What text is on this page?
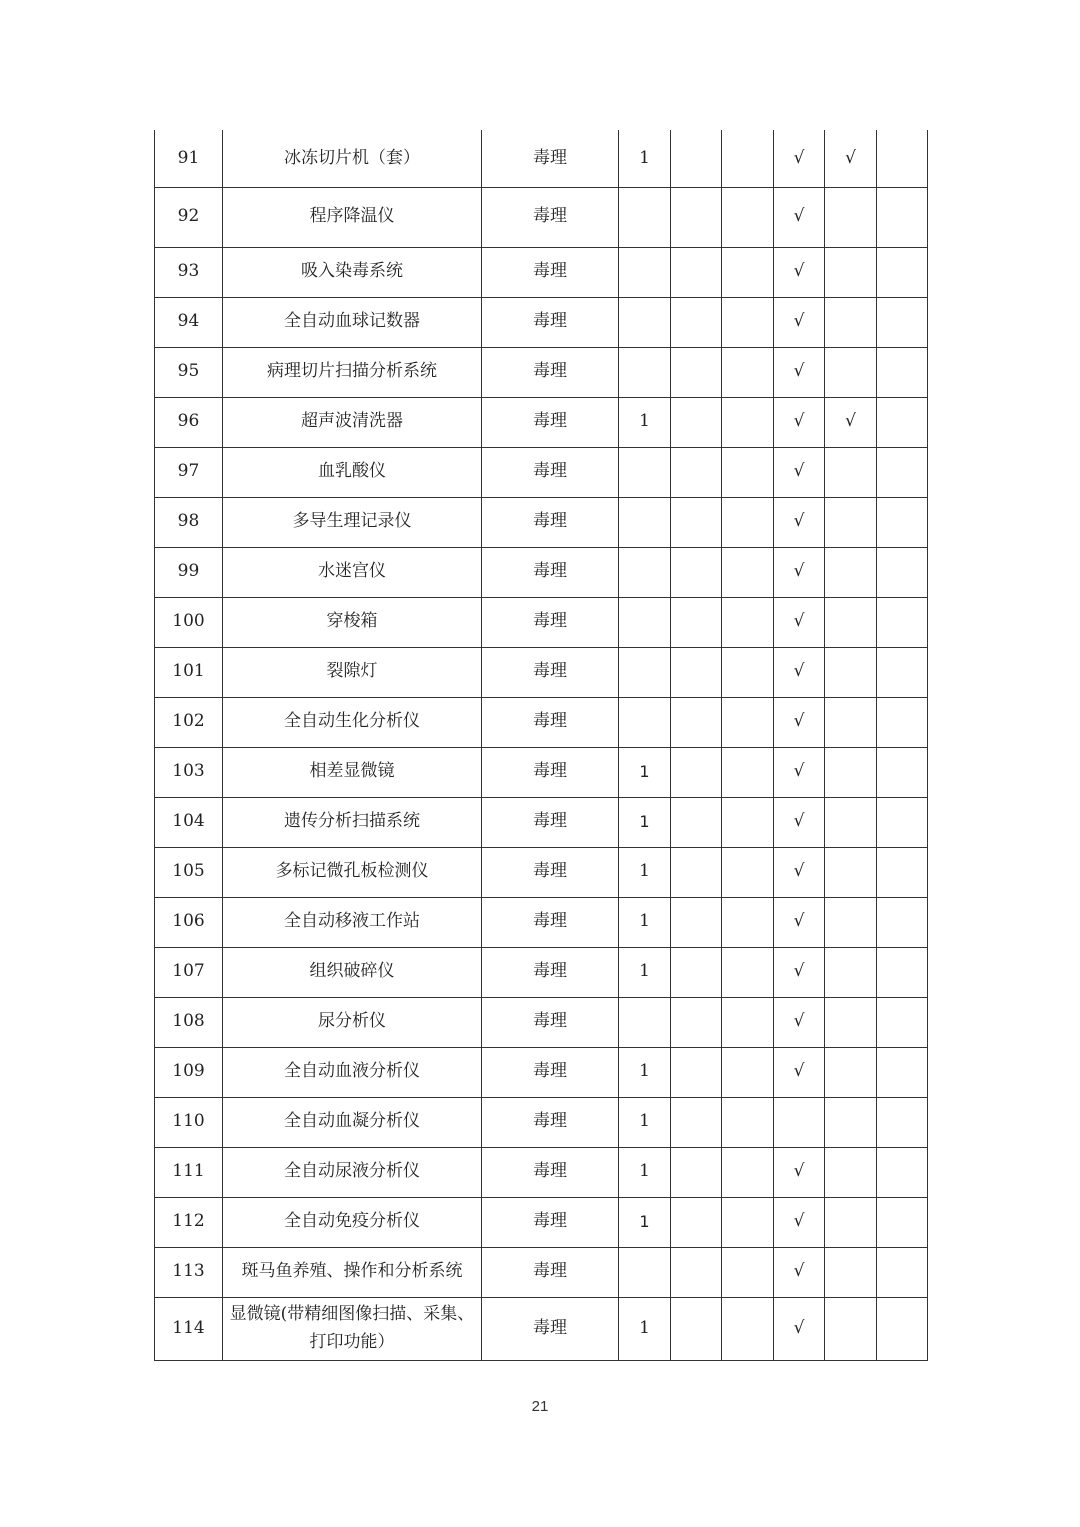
91	冰冻切片机（套）	毒理	1			√	√	
92	程序降温仪	毒理				√		
93	吸入染毒系统	毒理				√		
94	全自动血球记数器	毒理				√		
95	病理切片扫描分析系统	毒理				√		
96	超声波清洗器	毒理	1			√	√	
97	血乳酸仪	毒理				√		
98	多导生理记录仪	毒理				√		
99	水迷宫仪	毒理				√		
100	穿梭箱	毒理				√		
101	裂隙灯	毒理				√		
102	全自动生化分析仪	毒理				√		
103	相差显微镜	毒理	1			√		
104	遗传分析扫描系统	毒理	1			√		
105	多标记微孔板检测仪	毒理	1			√		
106	全自动移液工作站	毒理	1			√		
107	组织破碎仪	毒理	1			√		
108	尿分析仪	毒理				√		
109	全自动血液分析仪	毒理	1			√		
110	全自动血凝分析仪	毒理	1					
111	全自动尿液分析仪	毒理	1			√		
112	全自动免疫分析仪	毒理	1			√		
113	斑马鱼养殖、操作和分析系统	毒理				√		
114	显微镜(带精细图像扫描、采集、打印功能）	毒理	1			√		
21
